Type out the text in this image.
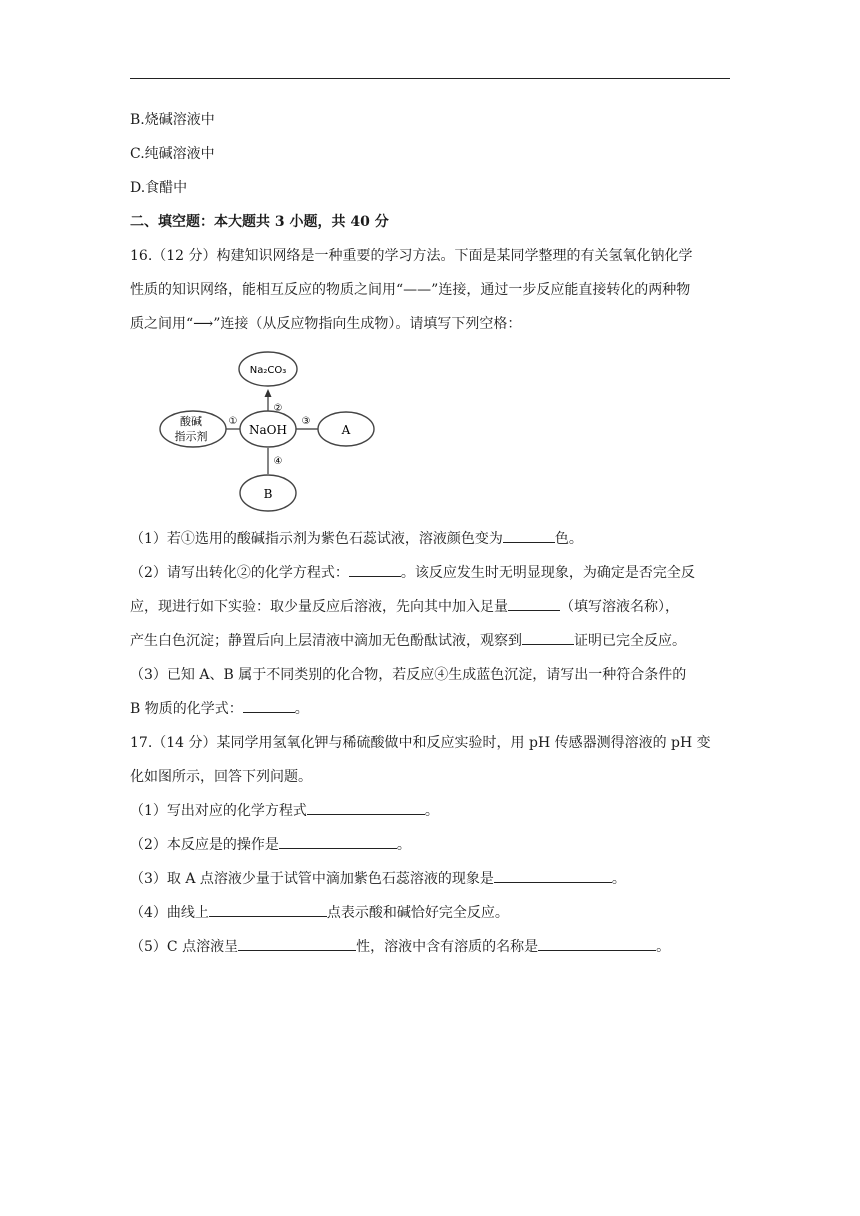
B.烧碱溶液中
C.纯碱溶液中
D.食醋中
二、填空题：本大题共 3 小题，共 40 分
16.（12 分）构建知识网络是一种重要的学习方法。下面是某同学整理的有关氢氧化钠化学
性质的知识网络，能相互反应的物质之间用“——”连接，通过一步反应能直接转化的两种物
质之间用“⟶”连接（从反应物指向生成物）。请填写下列空格：
Na₂CO₃
NaOH
酸碱
指示剂	A
B
①
②
③
④
（1）若①选用的酸碱指示剂为紫色石蕊试液，溶液颜色变为	色。
（2）请写出转化②的化学方程式：	。该反应发生时无明显现象，为确定是否完全反
应，现进行如下实验：取少量反应后溶液，先向其中加入足量	（填写溶液名称），
产生白色沉淀；静置后向上层清液中滴加无色酚酞试液，观察到	证明已完全反应。
（3）已知 A、B 属于不同类别的化合物，若反应④生成蓝色沉淀，请写出一种符合条件的
B 物质的化学式：	。
17.（14 分）某同学用氢氧化钾与稀硫酸做中和反应实验时，用 pH 传感器测得溶液的 pH 变
化如图所示，回答下列问题。
（1）写出对应的化学方程式	。
（2）本反应是的操作是	。
（3）取 A 点溶液少量于试管中滴加紫色石蕊溶液的现象是	。
（4）曲线上	点表示酸和碱恰好完全反应。
（5）C 点溶液呈	性，溶液中含有溶质的名称是	。
